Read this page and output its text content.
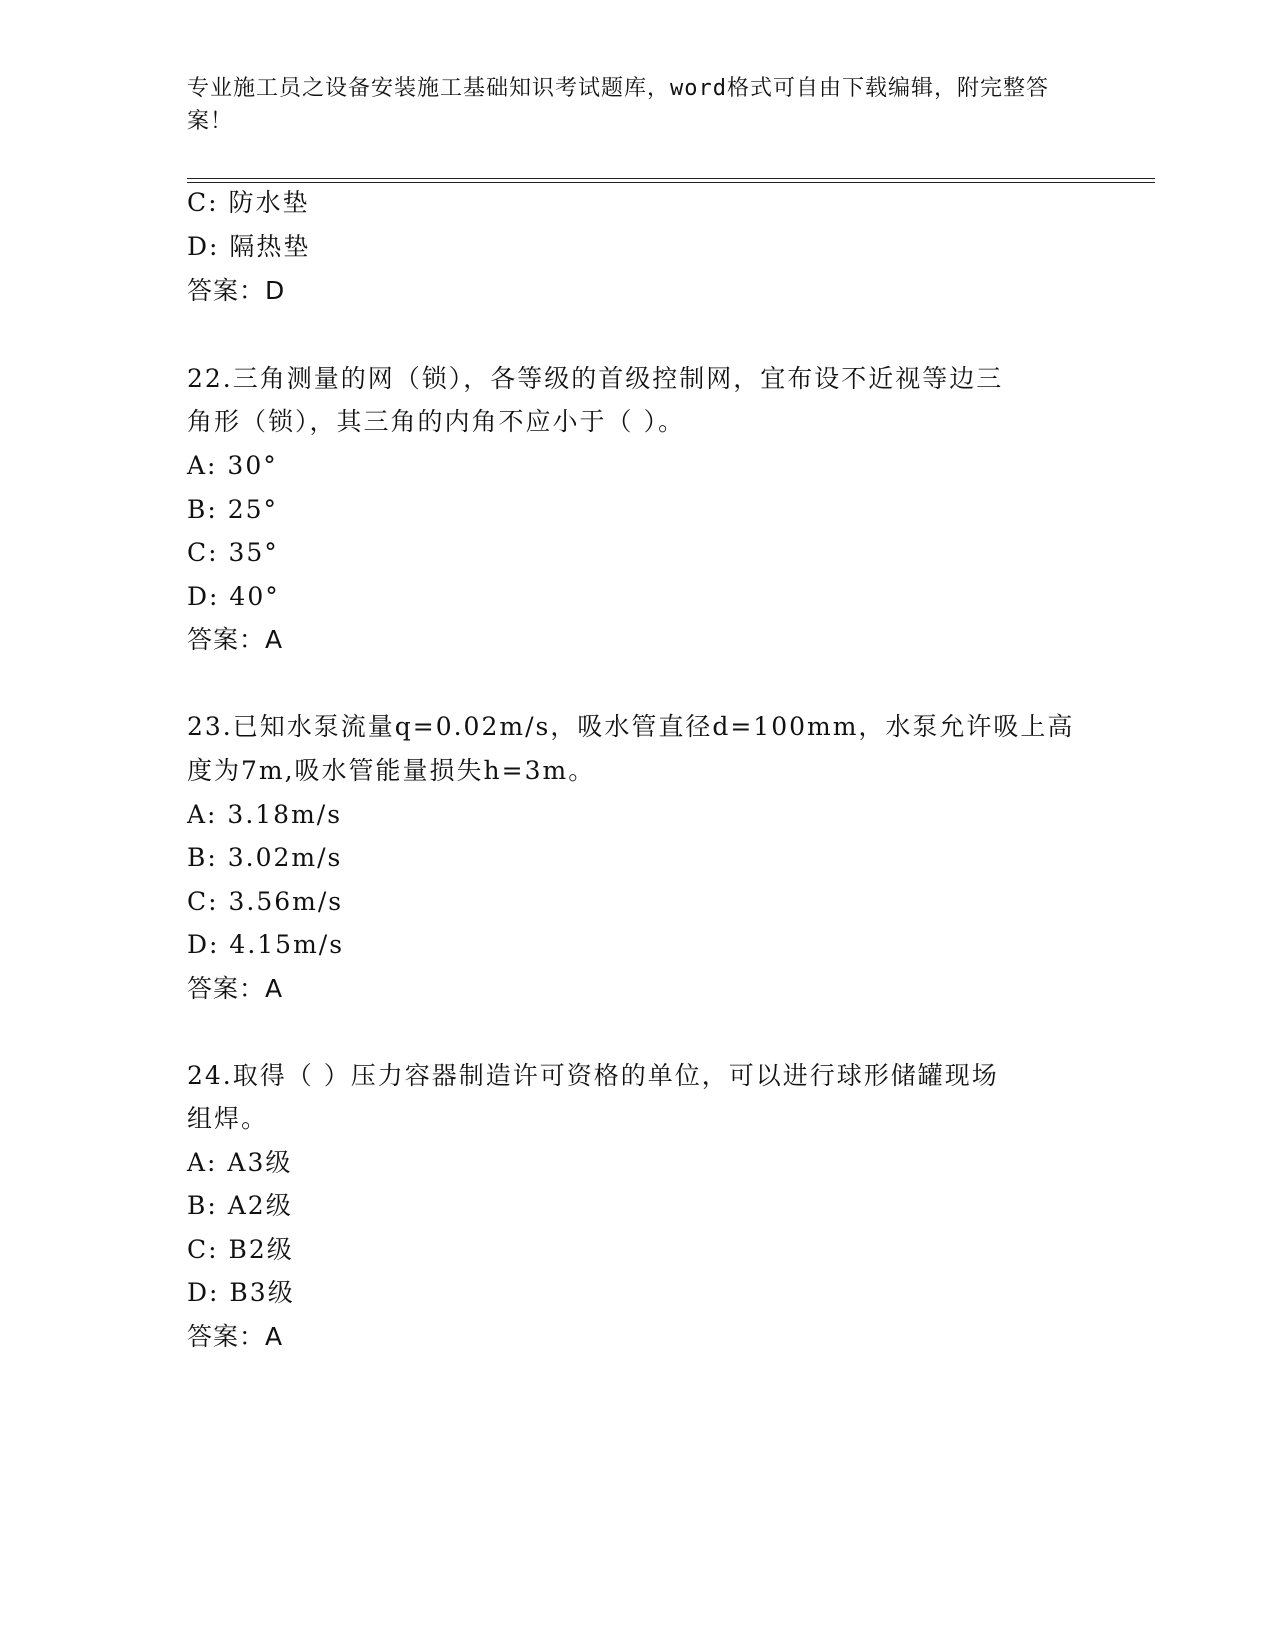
专业施工员之设备安装施工基础知识考试题库，word格式可自由下载编辑，附完整答案！
C: 防水垫
D: 隔热垫
答案：D
22.三角测量的网（锁），各等级的首级控制网，宜布设不近视等边三
角形（锁），其三角的内角不应小于（ ）。
A: 30°
B: 25°
C: 35°
D: 40°
答案：A
23.已知水泵流量q=0.02m/s，吸水管直径d=100mm，水泵允许吸上高
度为7m,吸水管能量损失h=3m。
A: 3.18m/s
B: 3.02m/s
C: 3.56m/s
D: 4.15m/s
答案：A
24.取得（ ）压力容器制造许可资格的单位，可以进行球形储罐现场
组焊。
A: A3级
B: A2级
C: B2级
D: B3级
答案：A
